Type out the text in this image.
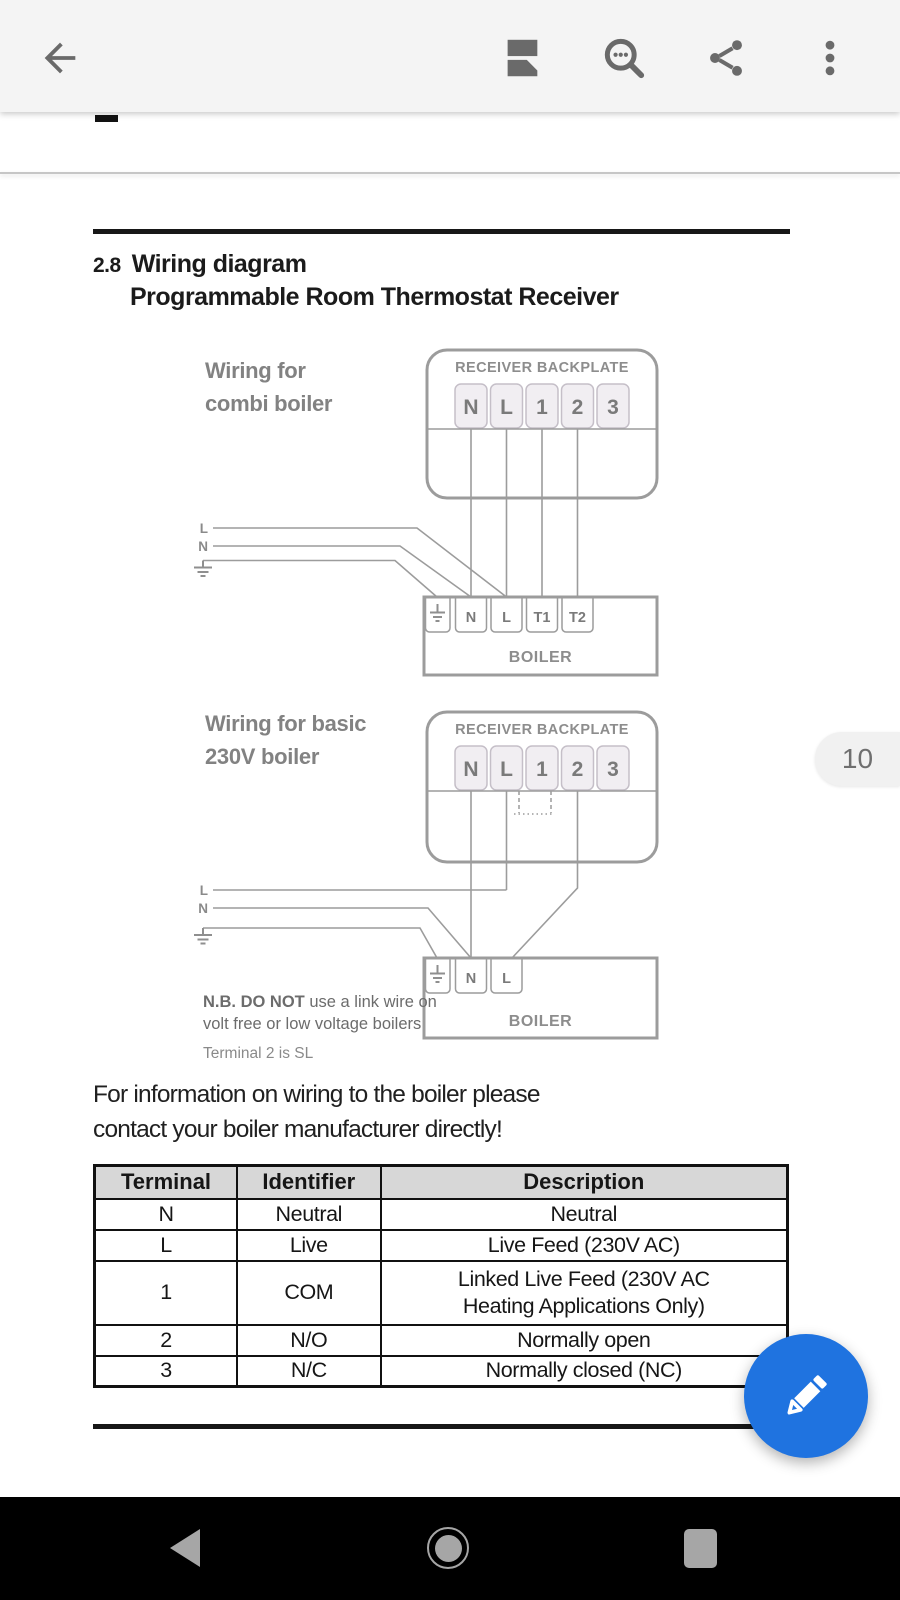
2.8 Wiring diagram
Programmable Room Thermostat Receiver
Wiring for
combi boiler
RECEIVER BACKPLATE
N L 1 2 3
L
N
N L T1 T2
BOILER
Wiring for basic
230V boiler
RECEIVER BACKPLATE
N L 1 2 3
L
N
N L
BOILER
N.B. DO NOT use a link wire on
volt free or low voltage boilers
Terminal 2 is SL
For information on wiring to the boiler please
contact your boiler manufacturer directly!
Terminal	Identifier	Description
N	Neutral	Neutral
L	Live	Live Feed (230V AC)
1	COM	Linked Live Feed (230V AC Heating Applications Only)
2	N/O	Normally open
3	N/C	Normally closed (NC)
10
